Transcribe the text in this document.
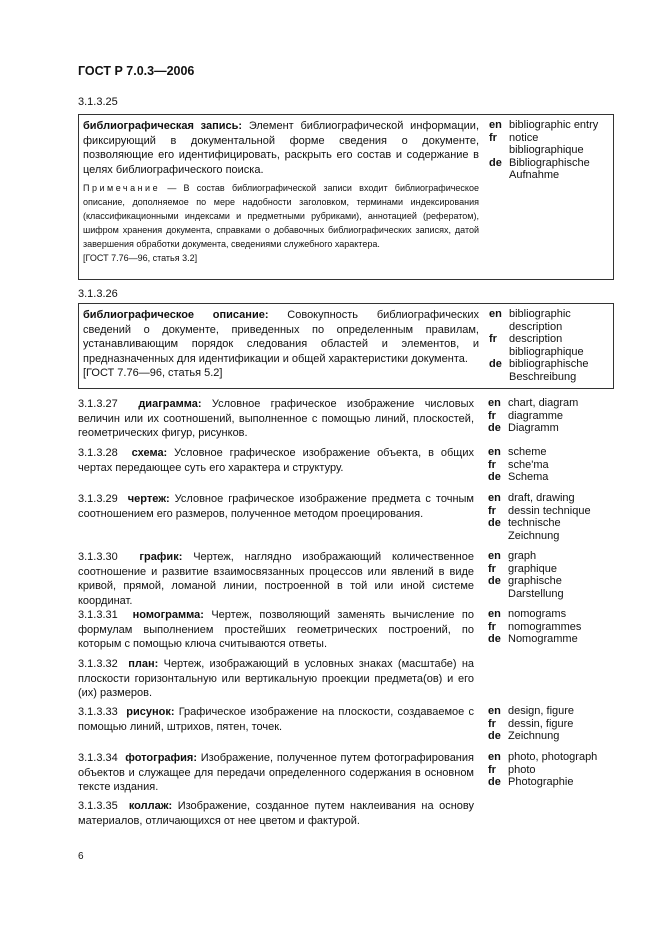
ГОСТ Р 7.0.3—2006
3.1.3.25
библиографическая запись: Элемент библиографической информации, фиксирующий в документальной форме сведения о документе, позволяющие его идентифицировать, раскрыть его состав и содержание в целях библиографического поиска.
Примечание — В состав библиографической записи входит библиографическое описание, дополняемое по мере надобности заголовком, терминами индексирования (классификационными индексами и предметными рубриками), аннотацией (рефератом), шифром хранения документа, справками о добавочных библиографических записях, датой завершения обработки документа, сведениями служебного характера.
[ГОСТ 7.76—96, статья 3.2]
en bibliographic entry
fr	notice bibliographique
de Bibliographische Aufnahme
3.1.3.26
библиографическое описание: Совокупность библиографических сведений о документе, приведенных по определенным правилам, устанавливающим порядок следования областей и элементов, и предназначенных для идентификации и общей характеристики документа.
[ГОСТ 7.76—96, статья 5.2]
en bibliographic description
fr	description bibliographique
de bibliographische Beschreibung
3.1.3.27 диаграмма: Условное графическое изображение числовых величин или их соотношений, выполненное с помощью линий, плоскостей, геометрических фигур, рисунков.
en chart, diagram
fr	diagramme
de Diagramm
3.1.3.28 схема: Условное графическое изображение объекта, в общих чертах передающее суть его характера и структуру.
en scheme
fr	sche'ma
de Schema
3.1.3.29 чертеж: Условное графическое изображение предмета с точным соотношением его размеров, полученное методом проецирования.
en draft, drawing
fr	dessin technique
de technische Zeichnung
3.1.3.30 график: Чертеж, наглядно изображающий количественное соотношение и развитие взаимосвязанных процессов или явлений в виде кривой, прямой, ломаной линии, построенной в той или иной системе координат.
en graph
fr	graphique
de graphische Darstellung
3.1.3.31 номограмма: Чертеж, позволяющий заменять вычисление по формулам выполнением простейших геометрических построений, по которым с помощью ключа считываются ответы.
en nomograms
fr	nomogrammes
de Nomogramme
3.1.3.32 план: Чертеж, изображающий в условных знаках (масштабе) на плоскости горизонтальную или вертикальную проекции предмета(ов) и его (их) размеров.
3.1.3.33 рисунок: Графическое изображение на плоскости, создаваемое с помощью линий, штрихов, пятен, точек.
en design, figure
fr	dessin, figure
de Zeichnung
3.1.3.34 фотография: Изображение, полученное путем фотографирования объектов и служащее для передачи определенного содержания в основном тексте издания.
en photo, photograph
fr	photo
de Photographie
3.1.3.35 коллаж: Изображение, созданное путем наклеивания на основу материалов, отличающихся от нее цветом и фактурой.
6
